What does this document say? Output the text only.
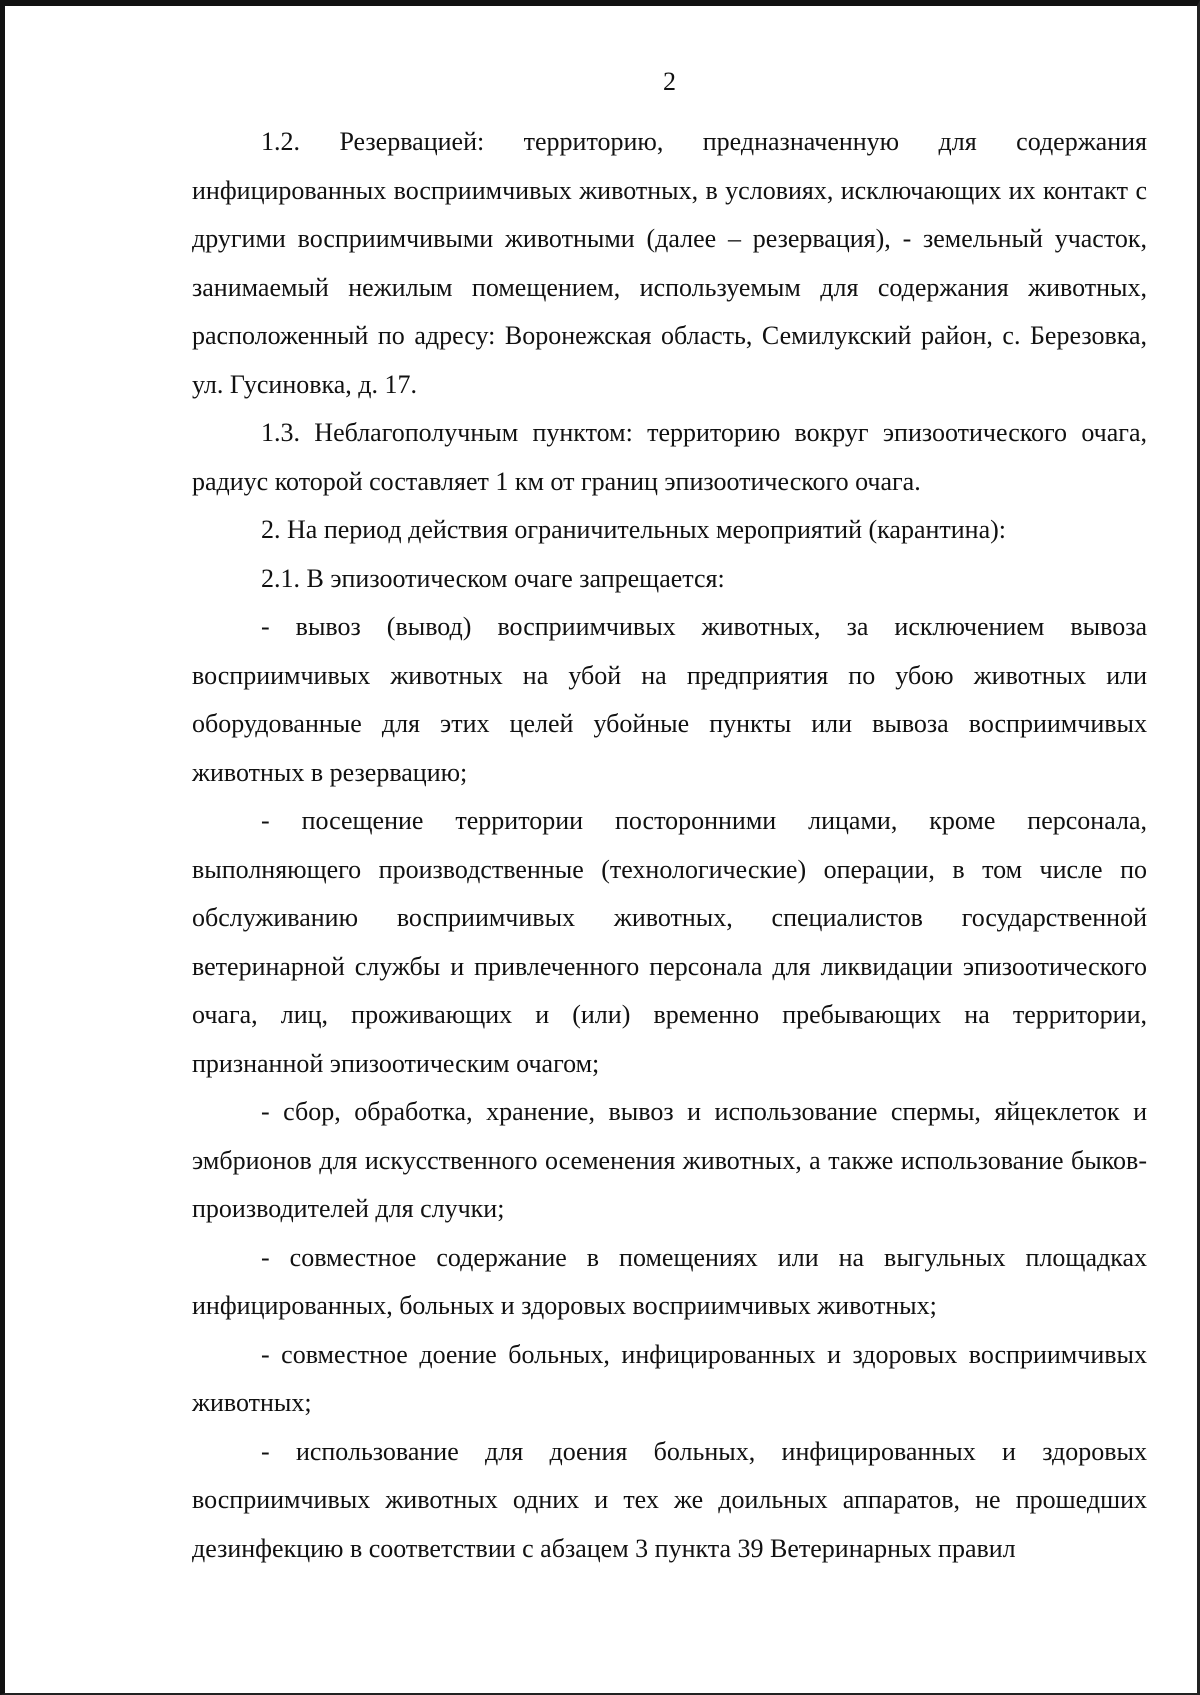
2

1.2. Резервацией: территорию, предназначенную для содержания инфицированных восприимчивых животных, в условиях, исключающих их контакт с другими восприимчивыми животными (далее – резервация), - земельный участок, занимаемый нежилым помещением, используемым для содержания животных, расположенный по адресу: Воронежская область, Семилукский район, с. Березовка, ул. Гусиновка, д. 17.

1.3. Неблагополучным пунктом: территорию вокруг эпизоотического очага, радиус которой составляет 1 км от границ эпизоотического очага.

2. На период действия ограничительных мероприятий (карантина):

2.1. В эпизоотическом очаге запрещается:

- вывоз (вывод) восприимчивых животных, за исключением вывоза восприимчивых животных на убой на предприятия по убою животных или оборудованные для этих целей убойные пункты или вывоза восприимчивых животных в резервацию;

- посещение территории посторонними лицами, кроме персонала, выполняющего производственные (технологические) операции, в том числе по обслуживанию восприимчивых животных, специалистов государственной ветеринарной службы и привлеченного персонала для ликвидации эпизоотического очага, лиц, проживающих и (или) временно пребывающих на территории, признанной эпизоотическим очагом;

- сбор, обработка, хранение, вывоз и использование спермы, яйцеклеток и эмбрионов для искусственного осеменения животных, а также использование быков-производителей для случки;

- совместное содержание в помещениях или на выгульных площадках инфицированных, больных и здоровых восприимчивых животных;

- совместное доение больных, инфицированных и здоровых восприимчивых животных;

- использование для доения больных, инфицированных и здоровых восприимчивых животных одних и тех же доильных аппаратов, не прошедших дезинфекцию в соответствии с абзацем 3 пункта 39 Ветеринарных правил
